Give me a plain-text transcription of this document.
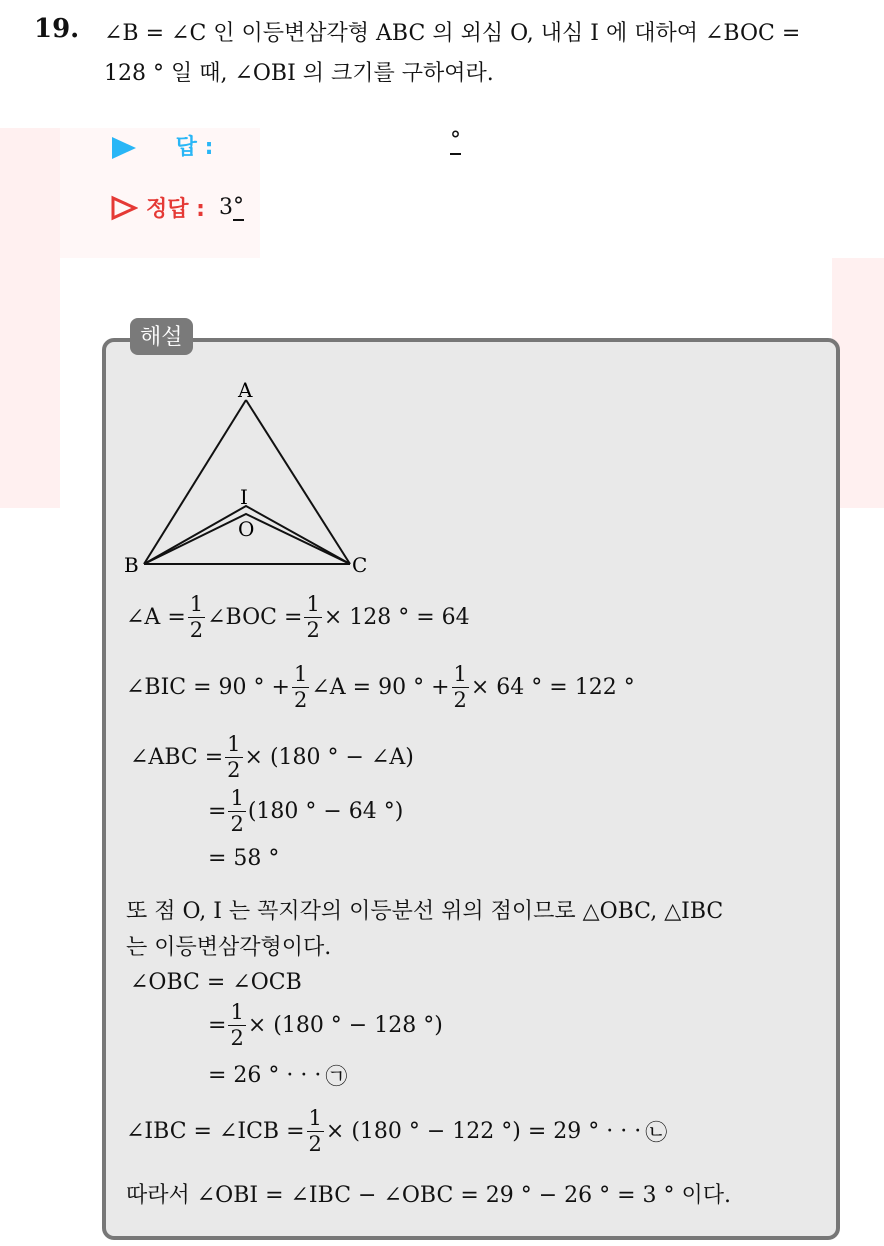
19. ∠B = ∠C 인 이등변삼각형 ABC 의 외심 O, 내심 I 에 대하여 ∠BOC =
128 ° 일 때, ∠OBI 의 크기를 구하여라.
답 :	°
정답 : 3 °
해설
A
B	C
I
O
∠A = $\frac{1}{2}$ ∠BOC = $\frac{1}{2} \times 128$ ° = 64
∠BIC = 90 ° + $\frac{1}{2}$ ∠A = 90 ° + $\frac{1}{2} \times 64$ ° = 122 °
∠ABC = $\frac{1}{2} \times (180$ ° − ∠A)
= $\frac{1}{2} (180$ ° − 64 °)
= 58 °
또 점 O, I 는 꼭지각의 이등분선 위의 점이므로 △OBC, △IBC
는 이등변삼각형이다.
∠OBC = ∠OCB
= $\frac{1}{2} \times (180$ ° − 128 °)
= 26 ° · · · ㉠
∠IBC = ∠ICB = $\frac{1}{2} \times (180$ ° − 122 °) = 29 ° · · · ㉡
따라서 ∠OBI = ∠IBC − ∠OBC = 29 ° − 26 ° = 3 ° 이다.
